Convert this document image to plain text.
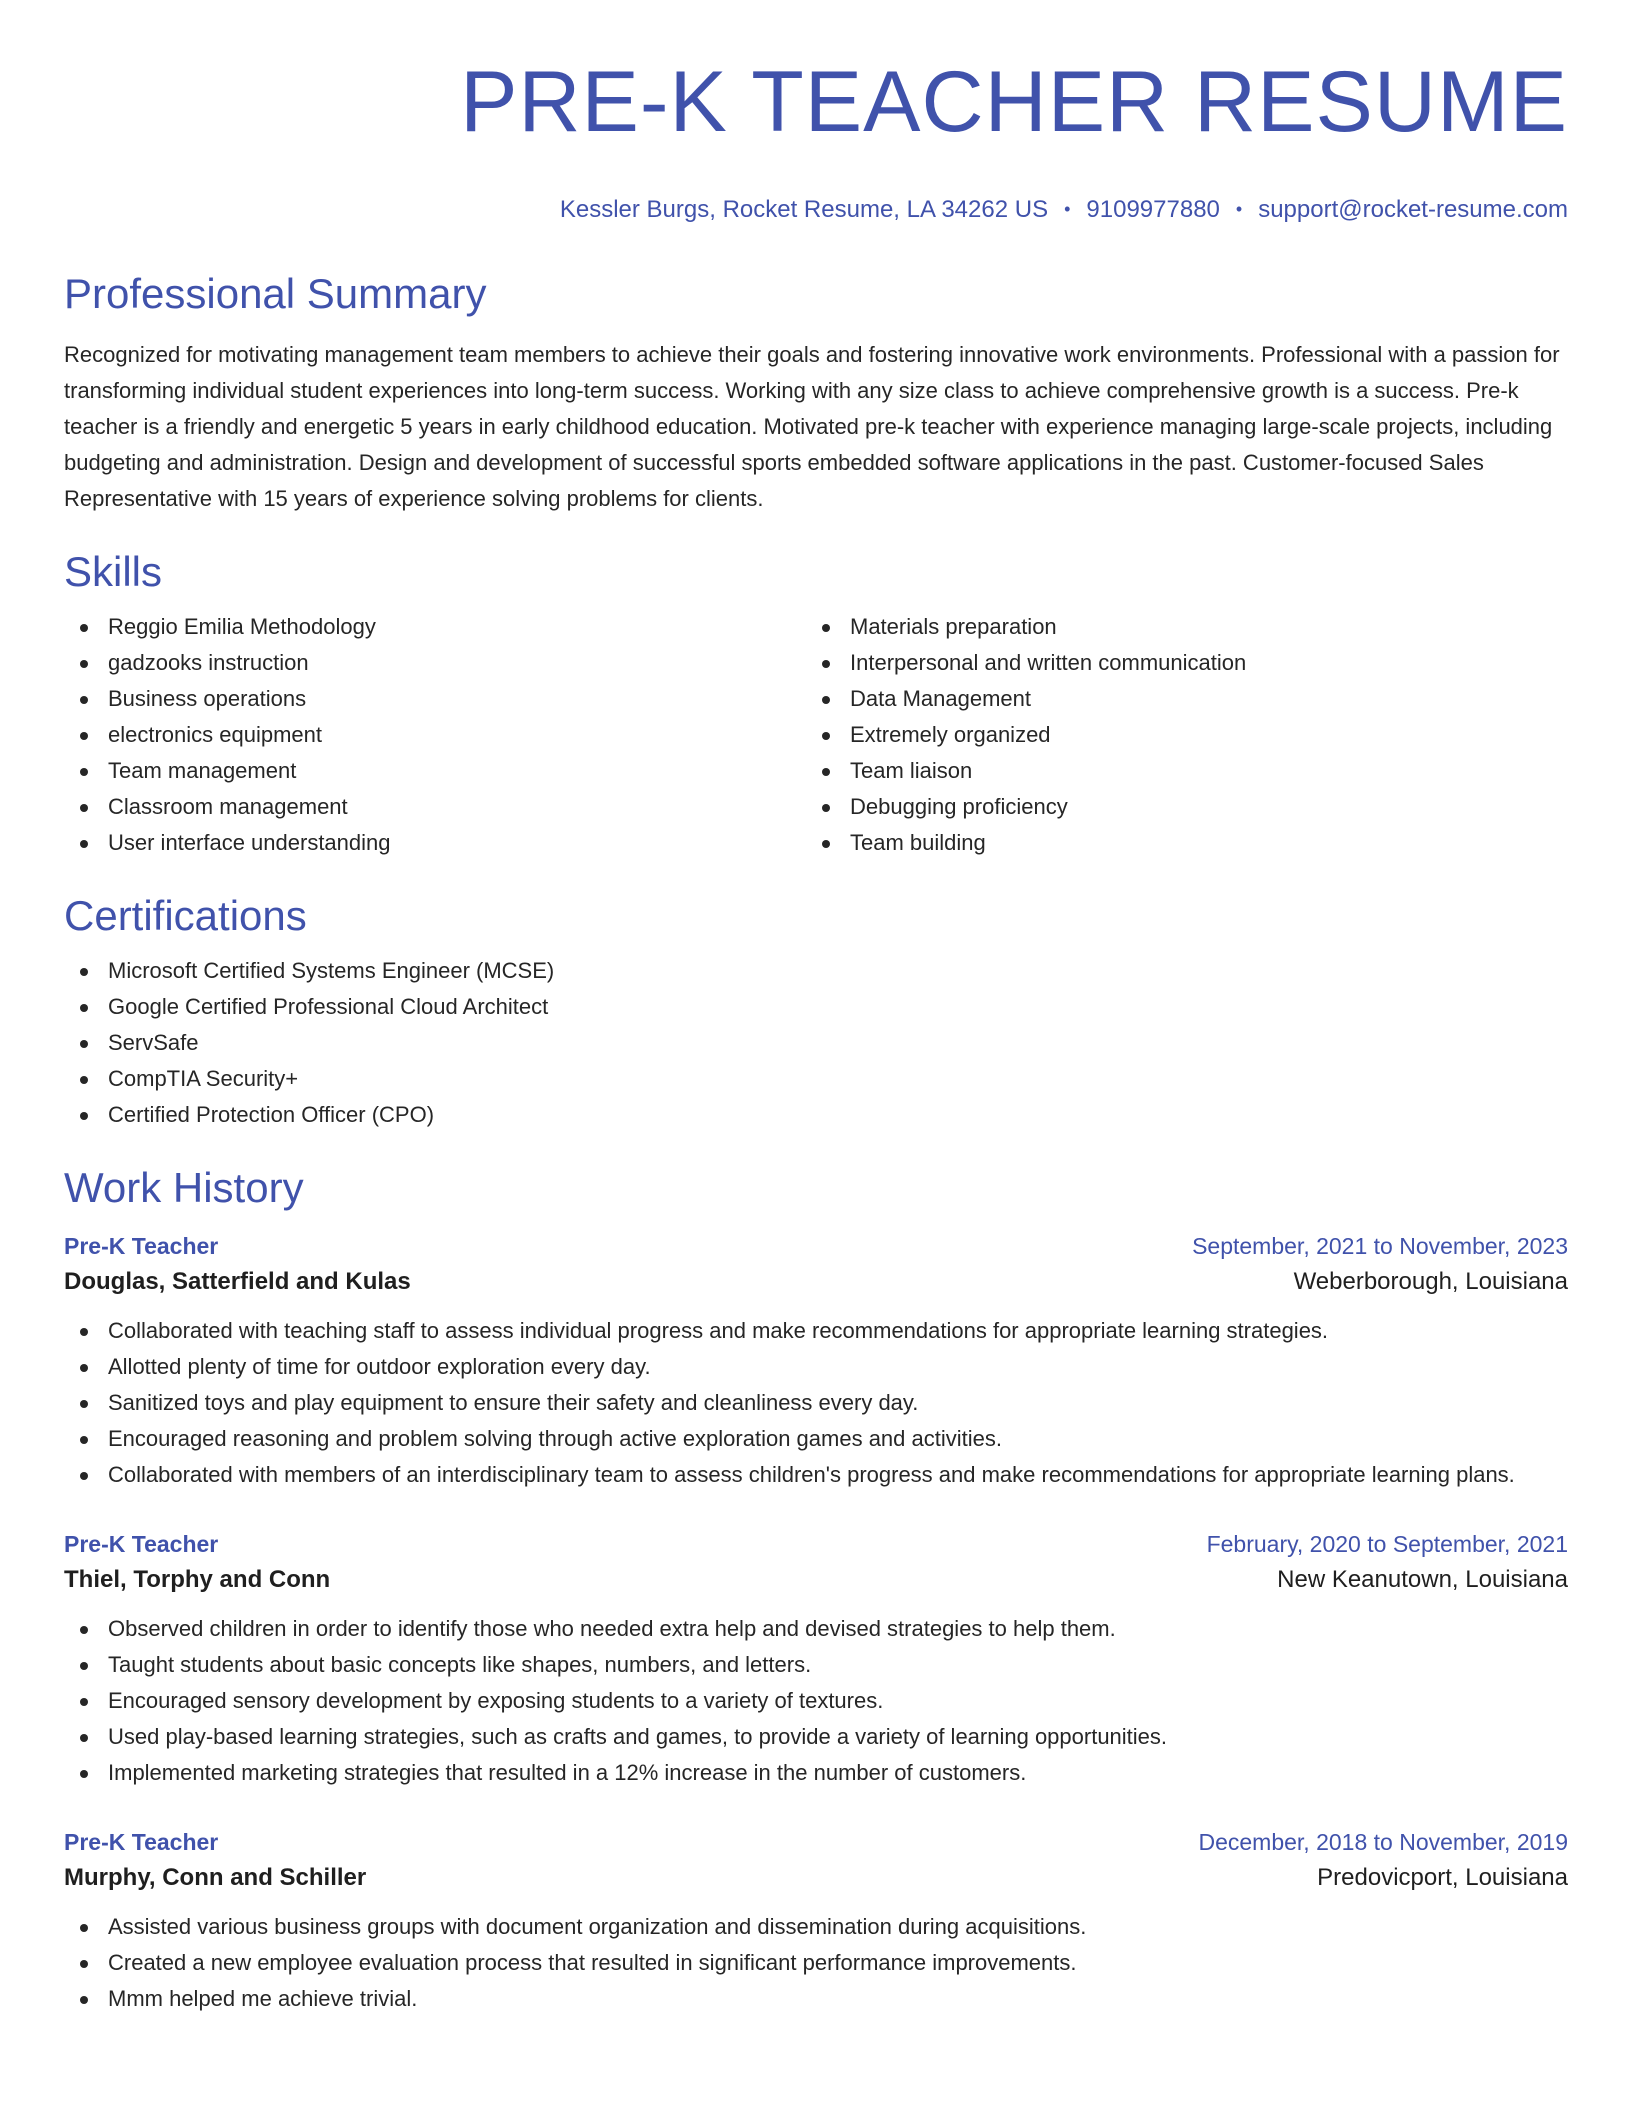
PRE-K TEACHER RESUME
Kessler Burgs, Rocket Resume, LA 34262 US • 9109977880 • support@rocket-resume.com
Professional Summary

Recognized for motivating management team members to achieve their goals and fostering innovative work environments. Professional with a passion for transforming individual student experiences into long-term success. Working with any size class to achieve comprehensive growth is a success. Pre-k teacher is a friendly and energetic 5 years in early childhood education. Motivated pre-k teacher with experience managing large-scale projects, including budgeting and administration. Design and development of successful sports embedded software applications in the past. Customer-focused Sales Representative with 15 years of experience solving problems for clients.

Skills
Reggio Emilia Methodology
gadzooks instruction
Business operations
electronics equipment
Team management
Classroom management
User interface understanding
Materials preparation
Interpersonal and written communication
Data Management
Extremely organized
Team liaison
Debugging proficiency
Team building
Certifications
Microsoft Certified Systems Engineer (MCSE)
Google Certified Professional Cloud Architect
ServSafe
CompTIA Security+
Certified Protection Officer (CPO)
Work History
Pre-K Teacher	September, 2021 to November, 2023
Douglas, Satterfield and Kulas	Weberborough, Louisiana
Collaborated with teaching staff to assess individual progress and make recommendations for appropriate learning strategies.
Allotted plenty of time for outdoor exploration every day.
Sanitized toys and play equipment to ensure their safety and cleanliness every day.
Encouraged reasoning and problem solving through active exploration games and activities.
Collaborated with members of an interdisciplinary team to assess children's progress and make recommendations for appropriate learning plans.
Pre-K Teacher	February, 2020 to September, 2021
Thiel, Torphy and Conn	New Keanutown, Louisiana
Observed children in order to identify those who needed extra help and devised strategies to help them.
Taught students about basic concepts like shapes, numbers, and letters.
Encouraged sensory development by exposing students to a variety of textures.
Used play-based learning strategies, such as crafts and games, to provide a variety of learning opportunities.
Implemented marketing strategies that resulted in a 12% increase in the number of customers.
Pre-K Teacher	December, 2018 to November, 2019
Murphy, Conn and Schiller	Predovicport, Louisiana
Assisted various business groups with document organization and dissemination during acquisitions.
Created a new employee evaluation process that resulted in significant performance improvements.
Mmm helped me achieve trivial.
